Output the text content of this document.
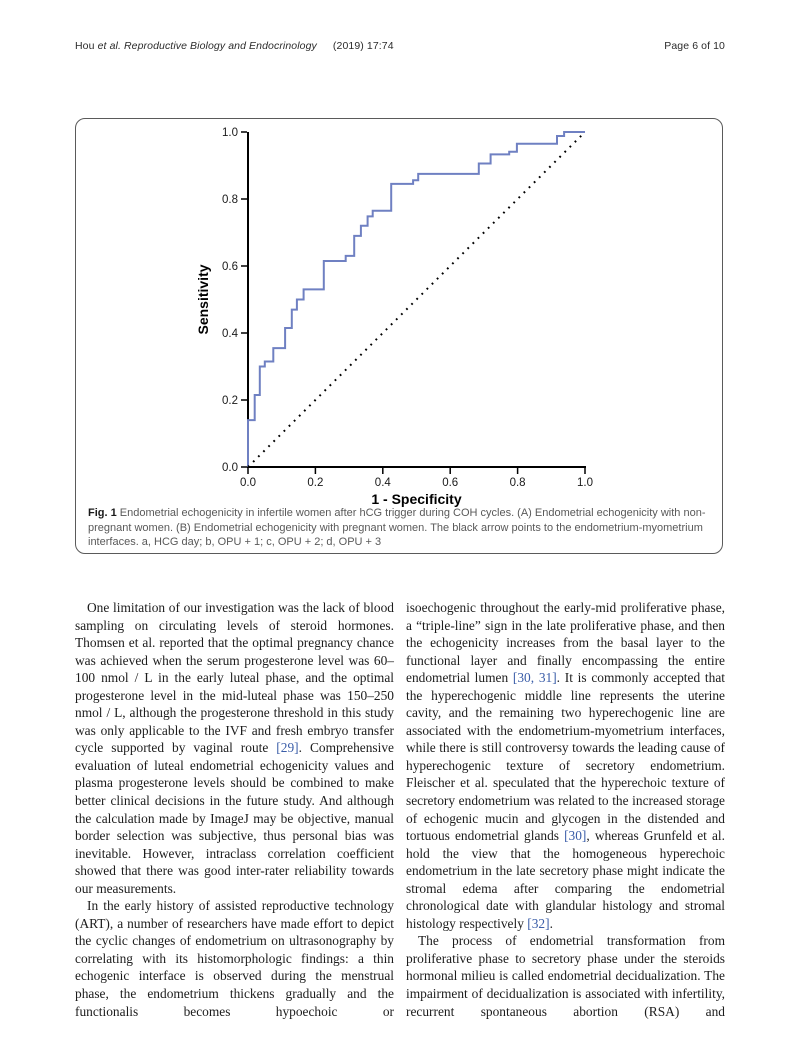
Hou et al. Reproductive Biology and Endocrinology (2019) 17:74	Page 6 of 10
0.0	0.2	0.4	0.6	0.8	1.0
0.0
0.2
0.4
0.6
0.8
1.0
1 - Specificity
Sensitivity
Fig. 1 Endometrial echogenicity in infertile women after hCG trigger during COH cycles. (A) Endometrial echogenicity with non-pregnant women. (B) Endometrial echogenicity with pregnant women. The black arrow points to the endometrium-myometrium interfaces. a, HCG day; b, OPU + 1; c, OPU + 2; d, OPU + 3

One limitation of our investigation was the lack of blood sampling on circulating levels of steroid hormones. Thomsen et al. reported that the optimal pregnancy chance was achieved when the serum progesterone level was 60–100 nmol / L in the early luteal phase, and the optimal progesterone level in the mid-luteal phase was 150–250 nmol / L, although the progesterone threshold in this study was only applicable to the IVF and fresh embryo transfer cycle supported by vaginal route [29]. Comprehensive evaluation of luteal endometrial echogenicity values and plasma progesterone levels should be combined to make better clinical decisions in the future study. And although the calculation made by ImageJ may be objective, manual border selection was subjective, thus personal bias was inevitable. However, intraclass correlation coefficient showed that there was good inter-rater reliability towards our measurements.

In the early history of assisted reproductive technology (ART), a number of researchers have made effort to depict the cyclic changes of endometrium on ultrasonography by correlating with its histomorphologic findings: a thin echogenic interface is observed during the menstrual phase, the endometrium thickens gradually and the functionalis becomes hypoechoic or

isoechogenic throughout the early-mid proliferative phase, a “triple-line” sign in the late proliferative phase, and then the echogenicity increases from the basal layer to the functional layer and finally encompassing the entire endometrial lumen [30, 31]. It is commonly accepted that the hyperechogenic middle line represents the uterine cavity, and the remaining two hyperechogenic line are associated with the endometrium-myometrium interfaces, while there is still controversy towards the leading cause of hyperechogenic texture of secretory endometrium. Fleischer et al. speculated that the hyperechoic texture of secretory endometrium was related to the increased storage of echogenic mucin and glycogen in the distended and tortuous endometrial glands [30], whereas Grunfeld et al. hold the view that the homogeneous hyperechoic endometrium in the late secretory phase might indicate the stromal edema after comparing the endometrial chronological date with glandular histology and stromal histology respectively [32].

The process of endometrial transformation from proliferative phase to secretory phase under the steroids hormonal milieu is called endometrial decidualization. The impairment of decidualization is associated with infertility, recurrent spontaneous abortion (RSA) and
